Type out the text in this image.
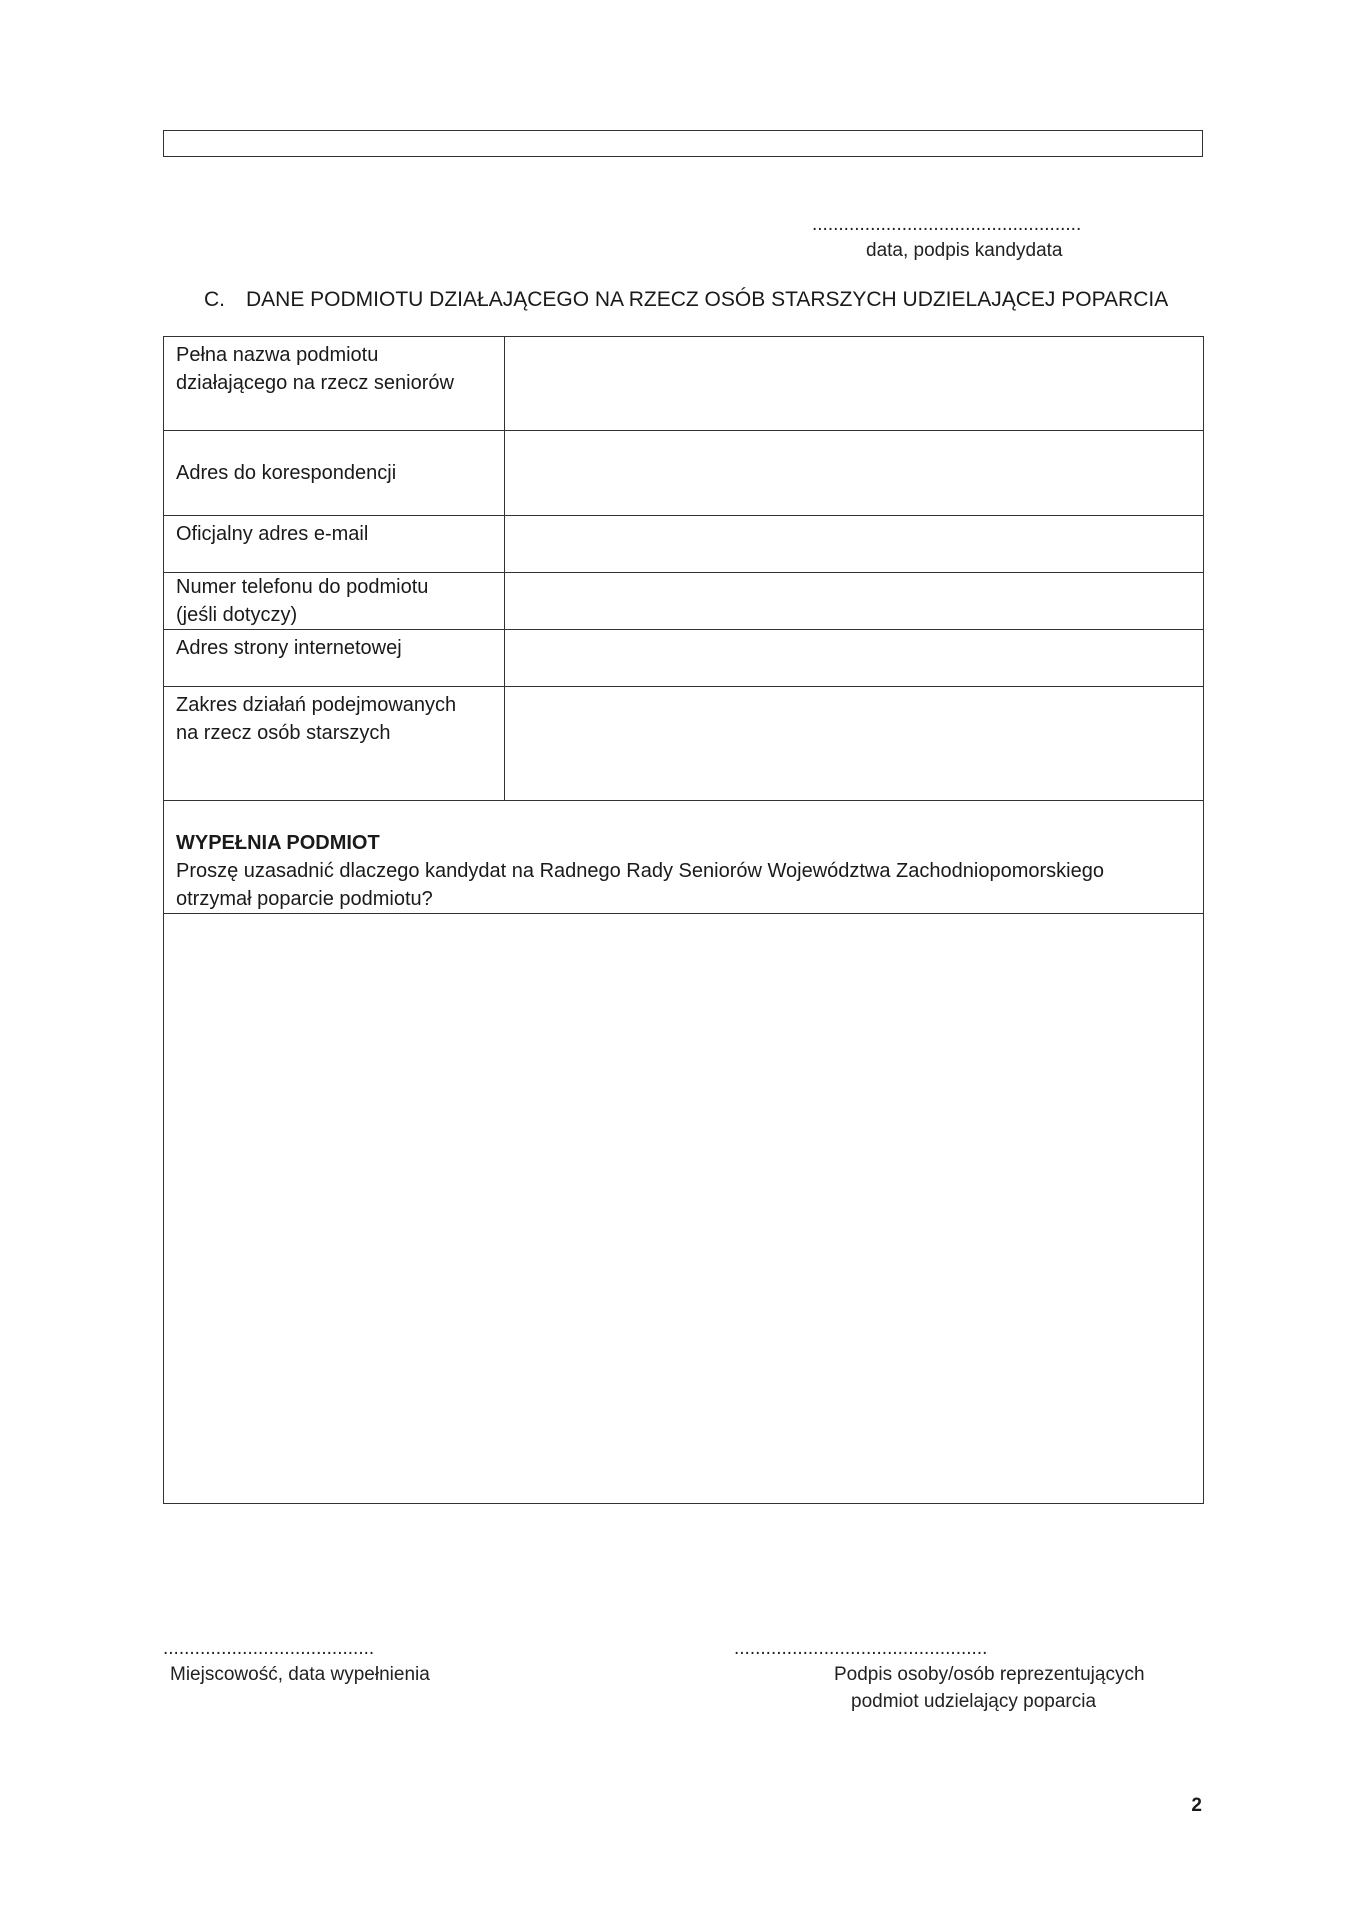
...................................................
data, podpis kandydata
C. DANE PODMIOTU DZIAŁAJĄCEGO NA RZECZ OSÓB STARSZYCH UDZIELAJĄCEJ POPARCIA
Pełna nazwa podmiotu
działającego na rzecz seniorów	

Adres do korespondencji	
Oficjalny adres e-mail	

Numer telefonu do podmiotu
(jeśli dotyczy)	

Adres strony internetowej	

Zakres działań podejmowanych
na rzecz osób starszych	

WYPEŁNIA PODMIOT
Proszę uzasadnić dlaczego kandydat na Radnego Rady Seniorów Województwa Zachodniopomorskiego
otrzymał poparcie podmiotu?	

........................................
Miejscowość, data wypełnienia
................................................
Podpis osoby/osób reprezentujących
podmiot udzielający poparcia
2
